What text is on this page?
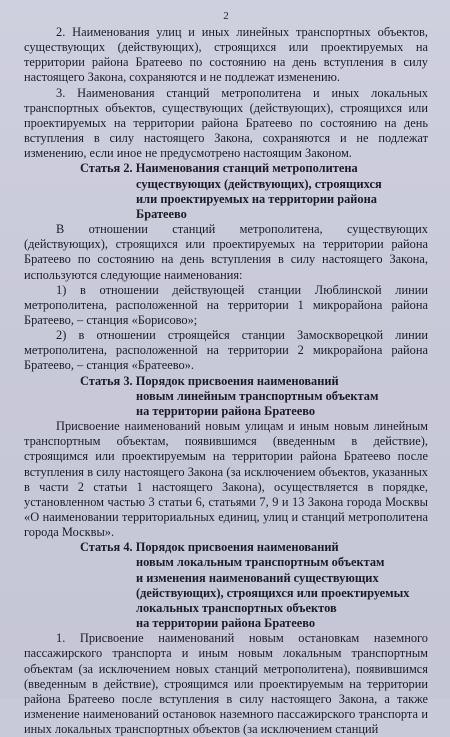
2

2. Наименования улиц и иных линейных транспортных объектов, существующих (действующих), строящихся или проектируемых на территории района Братеево по состоянию на день вступления в силу настоящего Закона, сохраняются и не подлежат изменению.

3. Наименования станций метрополитена и иных локальных транспортных объектов, существующих (действующих), строящихся или проектируемых на территории района Братеево по состоянию на день вступления в силу настоящего Закона, сохраняются и не подлежат изменению, если иное не предусмотрено настоящим Законом.

Статья 2. Наименования станций метрополитена
существующих (действующих), строящихся
или проектируемых на территории района Братеево

В отношении станций метрополитена, существующих (действующих), строящихся или проектируемых на территории района Братеево по состоянию на день вступления в силу настоящего Закона, используются следующие наименования:

1) в отношении действующей станции Люблинской линии метрополитена, расположенной на территории 1 микрорайона района Братеево, – станция «Борисово»;

2) в отношении строящейся станции Замоскворецкой линии метрополитена, расположенной на территории 2 микрорайона района Братеево, – станция «Братеево».

Статья 3. Порядок присвоения наименований
новым линейным транспортным объектам
на территории района Братеево

Присвоение наименований новым улицам и иным новым линейным транспортным объектам, появившимся (введенным в действие), строящимся или проектируемым на территории района Братеево после вступления в силу настоящего Закона (за исключением объектов, указанных в части 2 статьи 1 настоящего Закона), осуществляется в порядке, установленном частью 3 статьи 6, статьями 7, 9 и 13 Закона города Москвы «О наименовании территориальных единиц, улиц и станций метрополитена города Москвы».

Статья 4. Порядок присвоения наименований
новым локальным транспортным объектам
и изменения наименований существующих
(действующих), строящихся или проектируемых
локальных транспортных объектов
на территории района Братеево

1. Присвоение наименований новым остановкам наземного пассажирского транспорта и иным новым локальным транспортным объектам (за исключением новых станций метрополитена), появившимся (введенным в действие), строящимся или проектируемым на территории района Братеево после вступления в силу настоящего Закона, а также изменение наименований остановок наземного пассажирского транспорта и иных локальных транспортных объектов (за исключением станций
